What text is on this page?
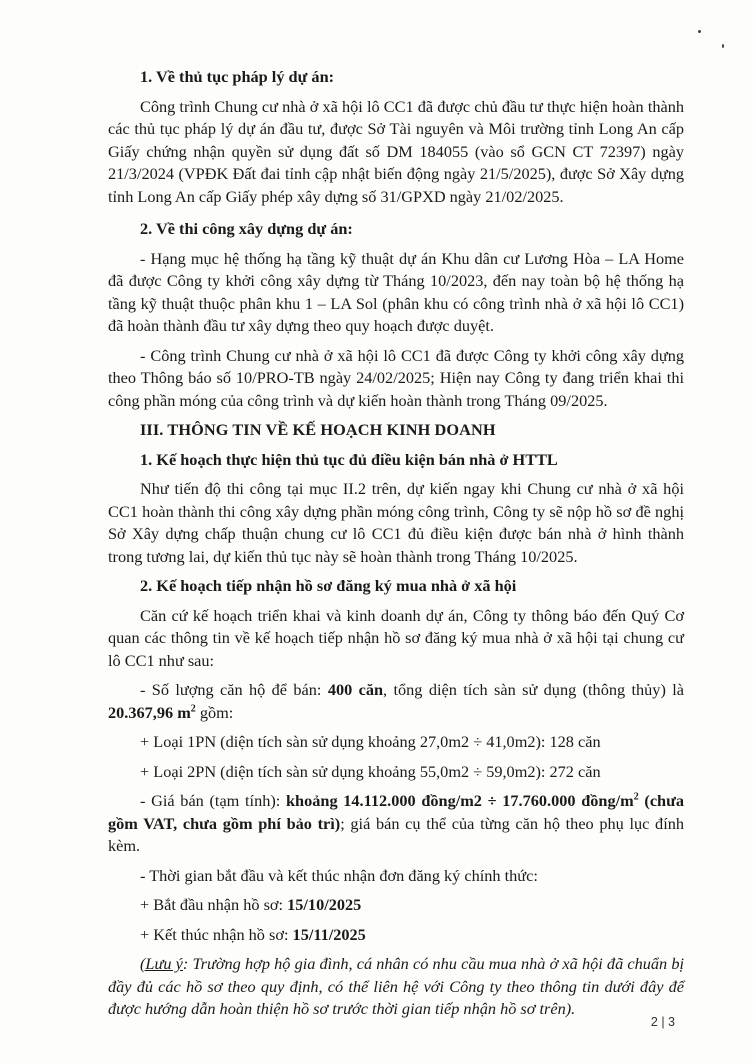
1. Về thủ tục pháp lý dự án:

Công trình Chung cư nhà ở xã hội lô CC1 đã được chủ đầu tư thực hiện hoàn thành các thủ tục pháp lý dự án đầu tư, được Sở Tài nguyên và Môi trường tỉnh Long An cấp Giấy chứng nhận quyền sử dụng đất số DM 184055 (vào sổ GCN CT 72397) ngày 21/3/2024 (VPĐK Đất đai tỉnh cập nhật biến động ngày 21/5/2025), được Sở Xây dựng tỉnh Long An cấp Giấy phép xây dựng số 31/GPXD ngày 21/02/2025.

2. Về thi công xây dựng dự án:

- Hạng mục hệ thống hạ tầng kỹ thuật dự án Khu dân cư Lương Hòa – LA Home đã được Công ty khởi công xây dựng từ Tháng 10/2023, đến nay toàn bộ hệ thống hạ tầng kỹ thuật thuộc phân khu 1 – LA Sol (phân khu có công trình nhà ở xã hội lô CC1) đã hoàn thành đầu tư xây dựng theo quy hoạch được duyệt.

- Công trình Chung cư nhà ở xã hội lô CC1 đã được Công ty khởi công xây dựng theo Thông báo số 10/PRO-TB ngày 24/02/2025; Hiện nay Công ty đang triển khai thi công phần móng của công trình và dự kiến hoàn thành trong Tháng 09/2025.

III. THÔNG TIN VỀ KẾ HOẠCH KINH DOANH

1. Kế hoạch thực hiện thủ tục đủ điều kiện bán nhà ở HTTL

Như tiến độ thi công tại mục II.2 trên, dự kiến ngay khi Chung cư nhà ở xã hội CC1 hoàn thành thi công xây dựng phần móng công trình, Công ty sẽ nộp hồ sơ đề nghị Sở Xây dựng chấp thuận chung cư lô CC1 đủ điều kiện được bán nhà ở hình thành trong tương lai, dự kiến thủ tục này sẽ hoàn thành trong Tháng 10/2025.

2. Kế hoạch tiếp nhận hồ sơ đăng ký mua nhà ở xã hội

Căn cứ kế hoạch triển khai và kinh doanh dự án, Công ty thông báo đến Quý Cơ quan các thông tin về kế hoạch tiếp nhận hồ sơ đăng ký mua nhà ở xã hội tại chung cư lô CC1 như sau:

- Số lượng căn hộ để bán: 400 căn, tổng diện tích sàn sử dụng (thông thủy) là 20.367,96 $m^2$ gồm:

+ Loại 1PN (diện tích sàn sử dụng khoảng 27,0m2 ÷ 41,0m2): 128 căn

+ Loại 2PN (diện tích sàn sử dụng khoảng 55,0m2 ÷ 59,0m2): 272 căn

- Giá bán (tạm tính): khoảng 14.112.000 đồng/m2 ÷ 17.760.000 đồng/$m^2$ (chưa gồm VAT, chưa gồm phí bảo trì); giá bán cụ thể của từng căn hộ theo phụ lục đính kèm.

- Thời gian bắt đầu và kết thúc nhận đơn đăng ký chính thức:

+ Bắt đầu nhận hồ sơ: 15/10/2025

+ Kết thúc nhận hồ sơ: 15/11/2025

(Lưu ý: Trường hợp hộ gia đình, cá nhân có nhu cầu mua nhà ở xã hội đã chuẩn bị đầy đủ các hồ sơ theo quy định, có thể liên hệ với Công ty theo thông tin dưới đây để được hướng dẫn hoàn thiện hồ sơ trước thời gian tiếp nhận hồ sơ trên).

2 | 3
